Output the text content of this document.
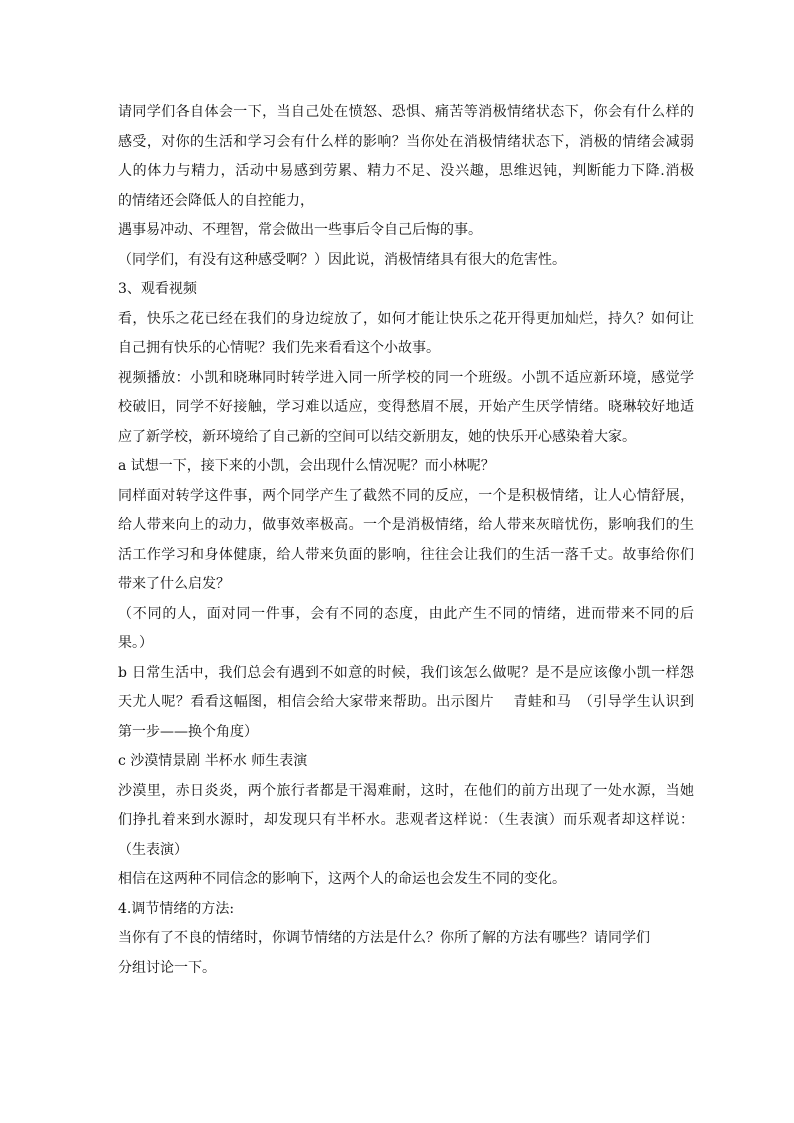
请同学们各自体会一下，当自己处在愤怒、恐惧、痛苦等消极情绪状态下，你会有什么样的
感受，对你的生活和学习会有什么样的影响？当你处在消极情绪状态下，消极的情绪会减弱
人的体力与精力，活动中易感到劳累、精力不足、没兴趣，思维迟钝，判断能力下降.消极
的情绪还会降低人的自控能力，
遇事易冲动、不理智，常会做出一些事后令自己后悔的事。
（同学们，有没有这种感受啊？）因此说，消极情绪具有很大的危害性。
3、观看视频
看，快乐之花已经在我们的身边绽放了，如何才能让快乐之花开得更加灿烂，持久？如何让
自己拥有快乐的心情呢？我们先来看看这个小故事。
视频播放：小凯和晓琳同时转学进入同一所学校的同一个班级。小凯不适应新环境，感觉学
校破旧，同学不好接触，学习难以适应，变得愁眉不展，开始产生厌学情绪。晓琳较好地适
应了新学校，新环境给了自己新的空间可以结交新朋友，她的快乐开心感染着大家。
a 试想一下，接下来的小凯，会出现什么情况呢？而小林呢？
同样面对转学这件事，两个同学产生了截然不同的反应，一个是积极情绪，让人心情舒展，
给人带来向上的动力，做事效率极高。一个是消极情绪，给人带来灰暗忧伤，影响我们的生
活工作学习和身体健康，给人带来负面的影响，往往会让我们的生活一落千丈。故事给你们
带来了什么启发？
（不同的人，面对同一件事，会有不同的态度，由此产生不同的情绪，进而带来不同的后
果。）
b 日常生活中，我们总会有遇到不如意的时候，我们该怎么做呢？是不是应该像小凯一样怨
天尤人呢？看看这幅图，相信会给大家带来帮助。出示图片　 青蛙和马　（引导学生认识到
第一步——换个角度）
c 沙漠情景剧 半杯水 师生表演
沙漠里，赤日炎炎，两个旅行者都是干渴难耐，这时，在他们的前方出现了一处水源，当她
们挣扎着来到水源时，却发现只有半杯水。悲观者这样说：（生表演）而乐观者却这样说：
（生表演）
相信在这两种不同信念的影响下，这两个人的命运也会发生不同的变化。
4.调节情绪的方法:
当你有了不良的情绪时，你调节情绪的方法是什么？你所了解的方法有哪些？请同学们
分组讨论一下。
